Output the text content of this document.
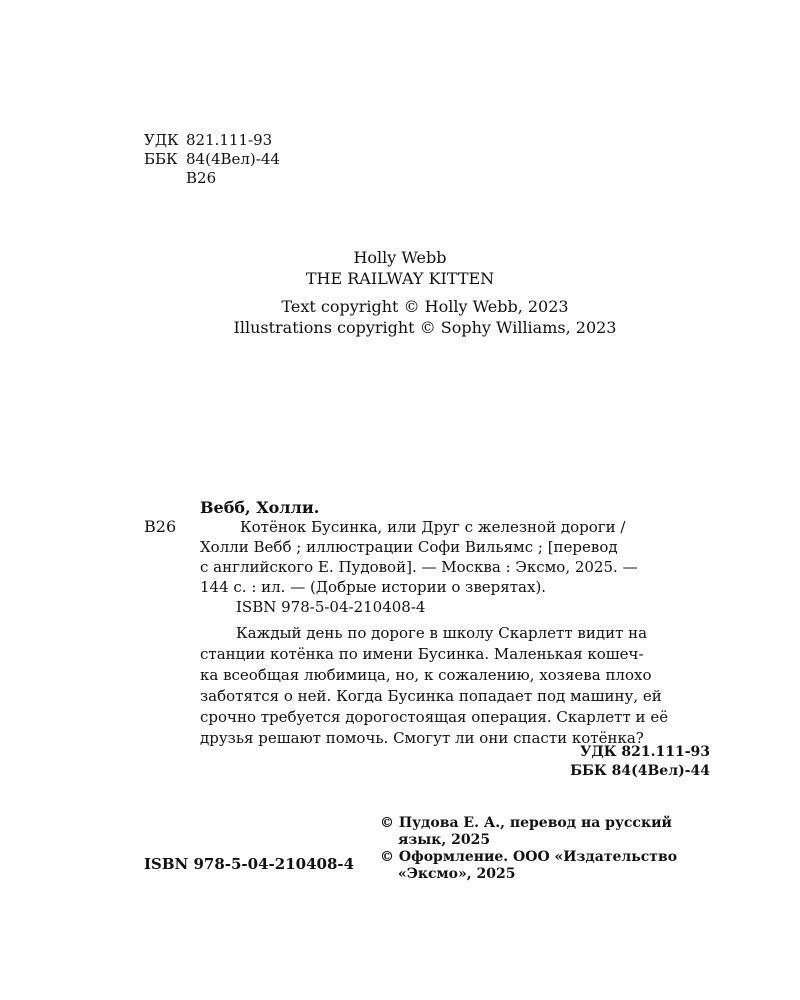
УДК 821.111-93
ББК 84(4Вел)-44
В26
Holly Webb
THE RAILWAY KITTEN
Text copyright © Holly Webb, 2023
Illustrations copyright © Sophy Williams, 2023
Вебб, Холли.
В26	Котёнок Бусинка, или Друг с железной дороги /
Холли Вебб ; иллюстрации Софи Вильямс ; [перевод
с английского Е. Пудовой]. — Москва : Эксмо, 2025. —
144 с. : ил. — (Добрые истории о зверятах).
ISBN 978-5-04-210408-4
Каждый день по дороге в школу Скарлетт видит на
станции котёнка по имени Бусинка. Маленькая кошеч-
ка всеобщая любимица, но, к сожалению, хозяева плохо
заботятся о ней. Когда Бусинка попадает под машину, ей
срочно требуется дорогостоящая операция. Скарлетт и её
друзья решают помочь. Смогут ли они спасти котёнка?
УДК 821.111-93
ББК 84(4Вел)-44
© Пудова Е. А., перевод на русский
язык, 2025
© Оформление. ООО «Издательство
«Эксмо», 2025
ISBN 978-5-04-210408-4
